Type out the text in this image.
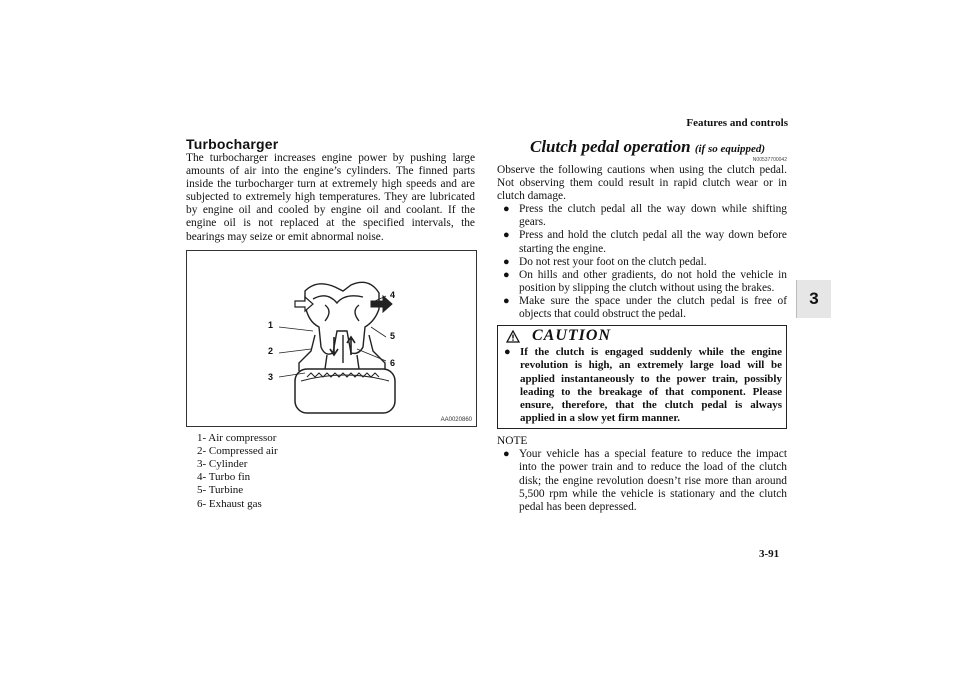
Features and controls
3
Turbocharger

The turbocharger increases engine power by pushing large amounts of air into the engine’s cylinders. The finned parts inside the turbocharger turn at extremely high speeds and are subjected to extremely high temperatures. They are lubricated by engine oil and cooled by engine oil and coolant. If the engine oil is not replaced at the specified intervals, the bearings may seize or emit abnormal noise.

1
2
3
4
5
6
AA0020860
1- Air compressor
2- Compressed air
3- Cylinder
4- Turbo fin
5- Turbine
6- Exhaust gas
Clutch pedal operation (if so equipped)
N00537700042

Observe the following cautions when using the clutch pedal. Not observing them could result in rapid clutch wear or in clutch damage.

● Press the clutch pedal all the way down while shifting gears.
● Press and hold the clutch pedal all the way down before starting the engine.
● Do not rest your foot on the clutch pedal.
● On hills and other gradients, do not hold the vehicle in position by slipping the clutch without using the brakes.
● Make sure the space under the clutch pedal is free of objects that could obstruct the pedal.
CAUTION
● If the clutch is engaged suddenly while the engine revolution is high, an extremely large load will be applied instantaneously to the power train, possibly leading to the breakage of that component. Please ensure, therefore, that the clutch pedal is always applied in a slow yet firm manner.
NOTE
● Your vehicle has a special feature to reduce the impact into the power train and to reduce the load of the clutch disk; the engine revolution doesn’t rise more than around 5,500 rpm while the vehicle is stationary and the clutch pedal has been depressed.
3-91
